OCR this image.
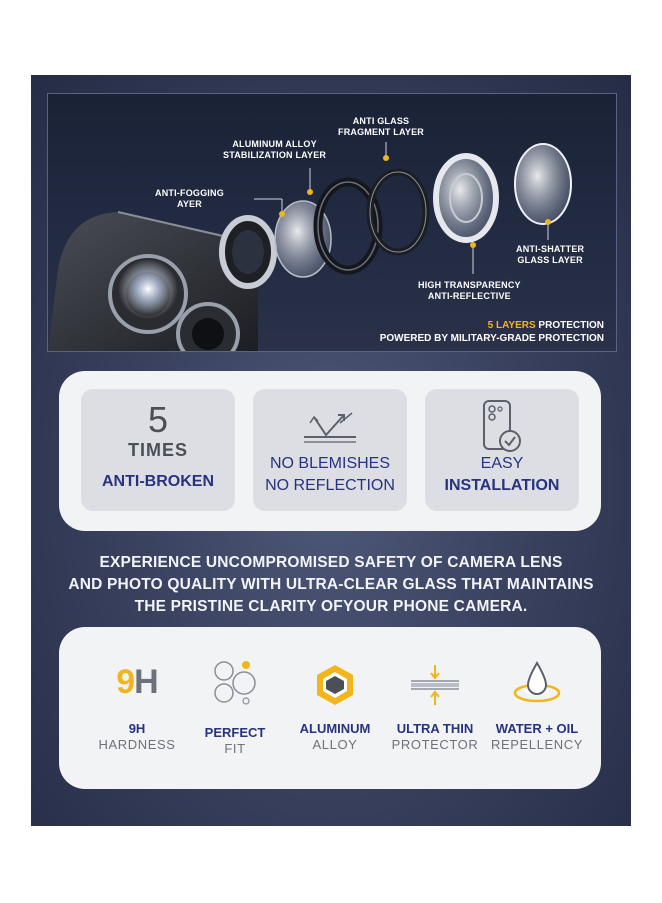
ANTI-FOGGING
AYER
ALUMINUM ALLOY
STABILIZATION LAYER
ANTI GLASS
FRAGMENT LAYER
ANTI-SHATTER
GLASS LAYER
HIGH TRANSPARENCY
ANTI-REFLECTIVE
5 LAYERS PROTECTION
POWERED BY MILITARY-GRADE PROTECTION
5
TIMES
ANTI-BROKEN
NO BLEMISHES
NO REFLECTION
EASY
INSTALLATION
EXPERIENCE UNCOMPROMISED SAFETY OF CAMERA LENS
AND PHOTO QUALITY WITH ULTRA-CLEAR GLASS THAT MAINTAINS
THE PRISTINE CLARITY OFYOUR PHONE CAMERA.
9H
9H
HARDNESS
PERFECT
FIT
ALUMINUM
ALLOY
ULTRA THIN
PROTECTOR
WATER + OIL
REPELLENCY
